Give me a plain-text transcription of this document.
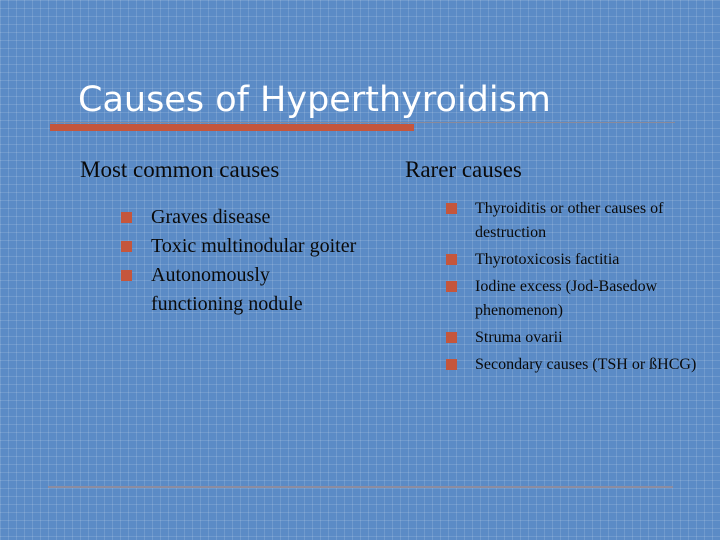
Causes of Hyperthyroidism
Most common causes
Graves disease
Toxic multinodular goiter
Autonomously functioning nodule
Rarer causes
Thyroiditis or other causes of destruction
Thyrotoxicosis factitia
Iodine excess (Jod-Basedow phenomenon)
Struma ovarii
Secondary causes (TSH or ßHCG)
